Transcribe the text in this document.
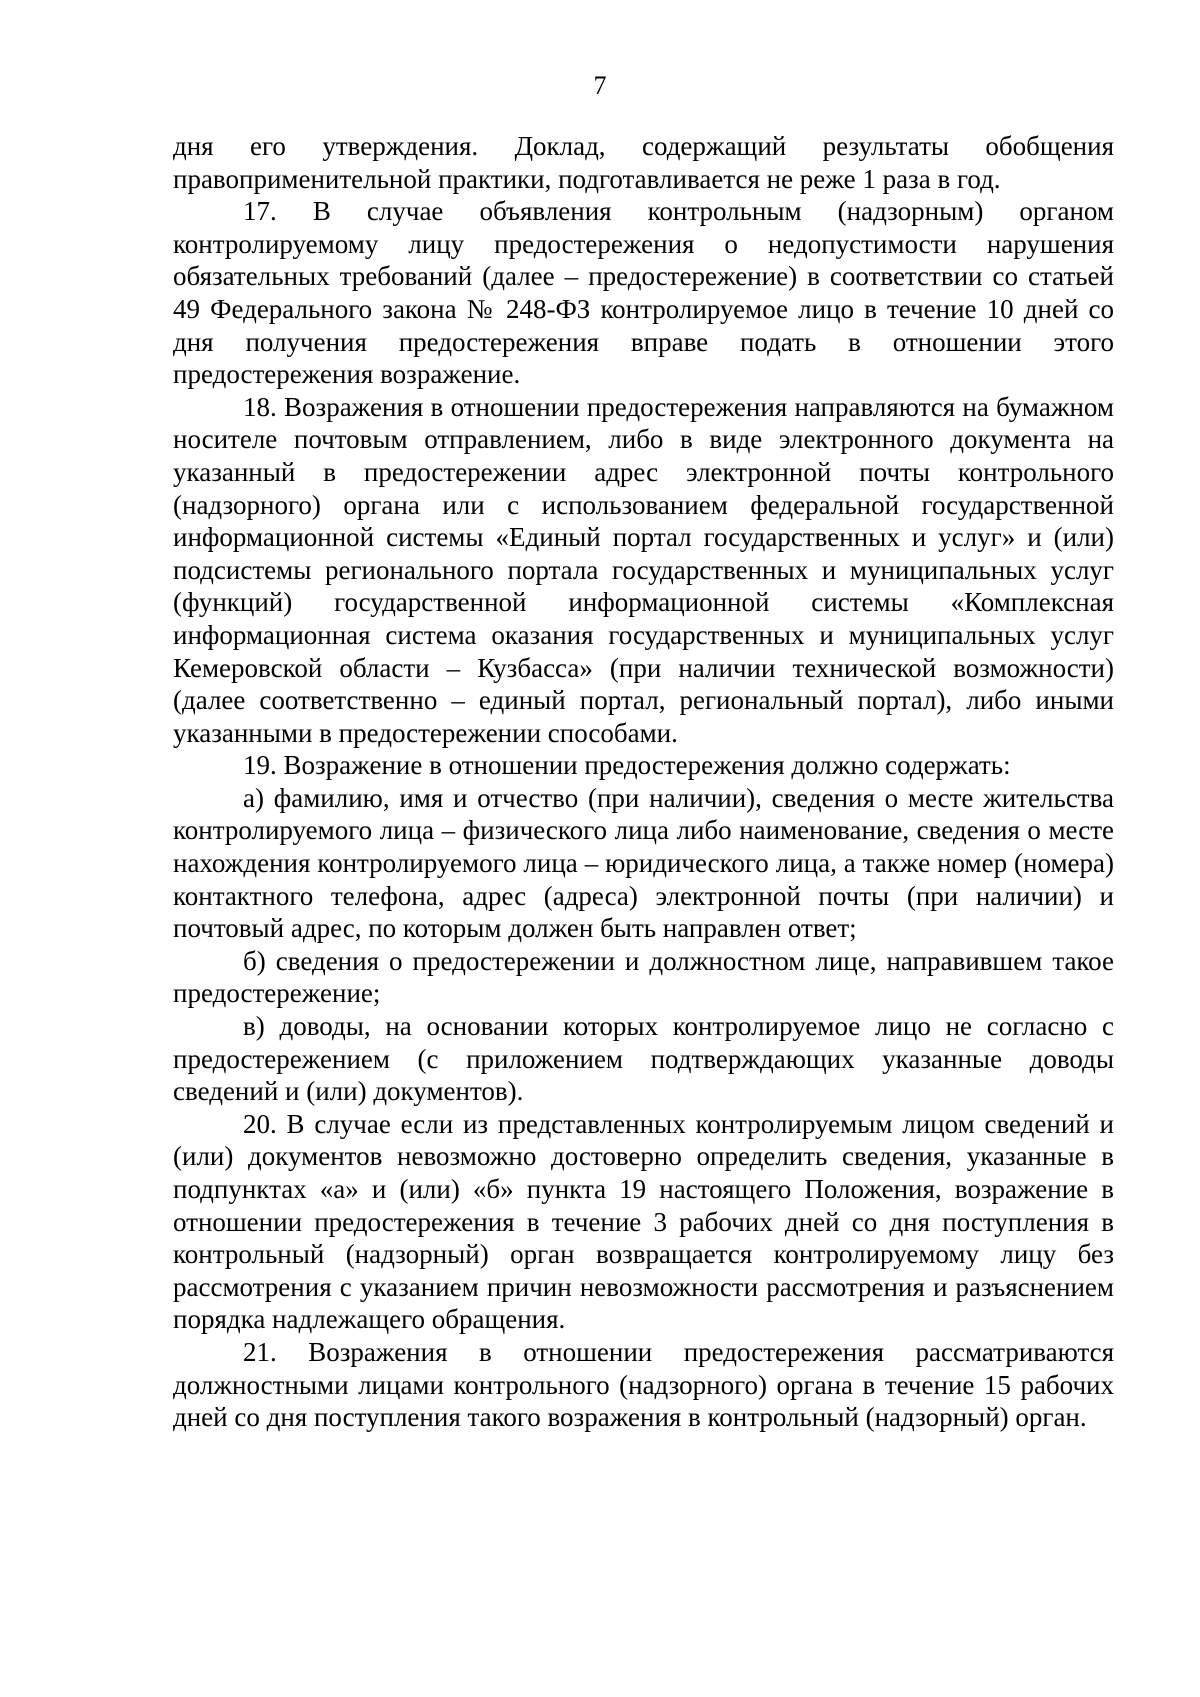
7

дня его утверждения. Доклад, содержащий результаты обобщения правоприменительной практики, подготавливается не реже 1 раза в год.

17. В случае объявления контрольным (надзорным) органом контролируемому лицу предостережения о недопустимости нарушения обязательных требований (далее – предостережение) в соответствии со статьей 49 Федерального закона № 248-ФЗ контролируемое лицо в течение 10 дней со дня получения предостережения вправе подать в отношении этого предостережения возражение.

18. Возражения в отношении предостережения направляются на бумажном носителе почтовым отправлением, либо в виде электронного документа на указанный в предостережении адрес электронной почты контрольного (надзорного) органа или с использованием федеральной государственной информационной системы «Единый портал государственных и услуг» и (или) подсистемы регионального портала государственных и муниципальных услуг (функций) государственной информационной системы «Комплексная информационная система оказания государственных и муниципальных услуг Кемеровской области – Кузбасса» (при наличии технической возможности) (далее соответственно – единый портал, региональный портал), либо иными указанными в предостережении способами.

19. Возражение в отношении предостережения должно содержать:

а) фамилию, имя и отчество (при наличии), сведения о месте жительства контролируемого лица – физического лица либо наименование, сведения о месте нахождения контролируемого лица – юридического лица, а также номер (номера) контактного телефона, адрес (адреса) электронной почты (при наличии) и почтовый адрес, по которым должен быть направлен ответ;

б) сведения о предостережении и должностном лице, направившем такое предостережение;

в) доводы, на основании которых контролируемое лицо не согласно с предостережением (с приложением подтверждающих указанные доводы сведений и (или) документов).

20. В случае если из представленных контролируемым лицом сведений и (или) документов невозможно достоверно определить сведения, указанные в подпунктах «а» и (или) «б» пункта 19 настоящего Положения, возражение в отношении предостережения в течение 3 рабочих дней со дня поступления в контрольный (надзорный) орган возвращается контролируемому лицу без рассмотрения с указанием причин невозможности рассмотрения и разъяснением порядка надлежащего обращения.

21. Возражения в отношении предостережения рассматриваются должностными лицами контрольного (надзорного) органа в течение 15 рабочих дней со дня поступления такого возражения в контрольный (надзорный) орган.
